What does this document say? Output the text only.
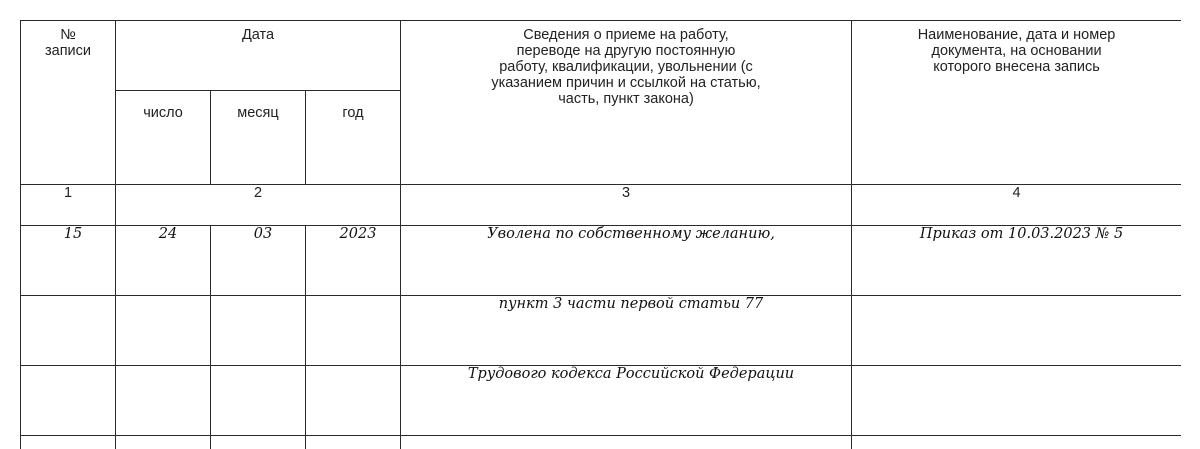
№
записи	Дата			Сведения о приеме на работу, переводе на другую постоянную работу, квалификации, увольнении (с указанием причин и ссылкой на статью, часть, пункт закона)	Наименование, дата и номер документа, на основании которого внесена запись

	число	месяц	год		

1	2			3	4

15	24	03	2023	Уволена по собственному желанию,	Приказ от 10.03.2023 № 5

				пункт 3 части первой статьи 77	

				Трудового кодекса Российской Федерации	
